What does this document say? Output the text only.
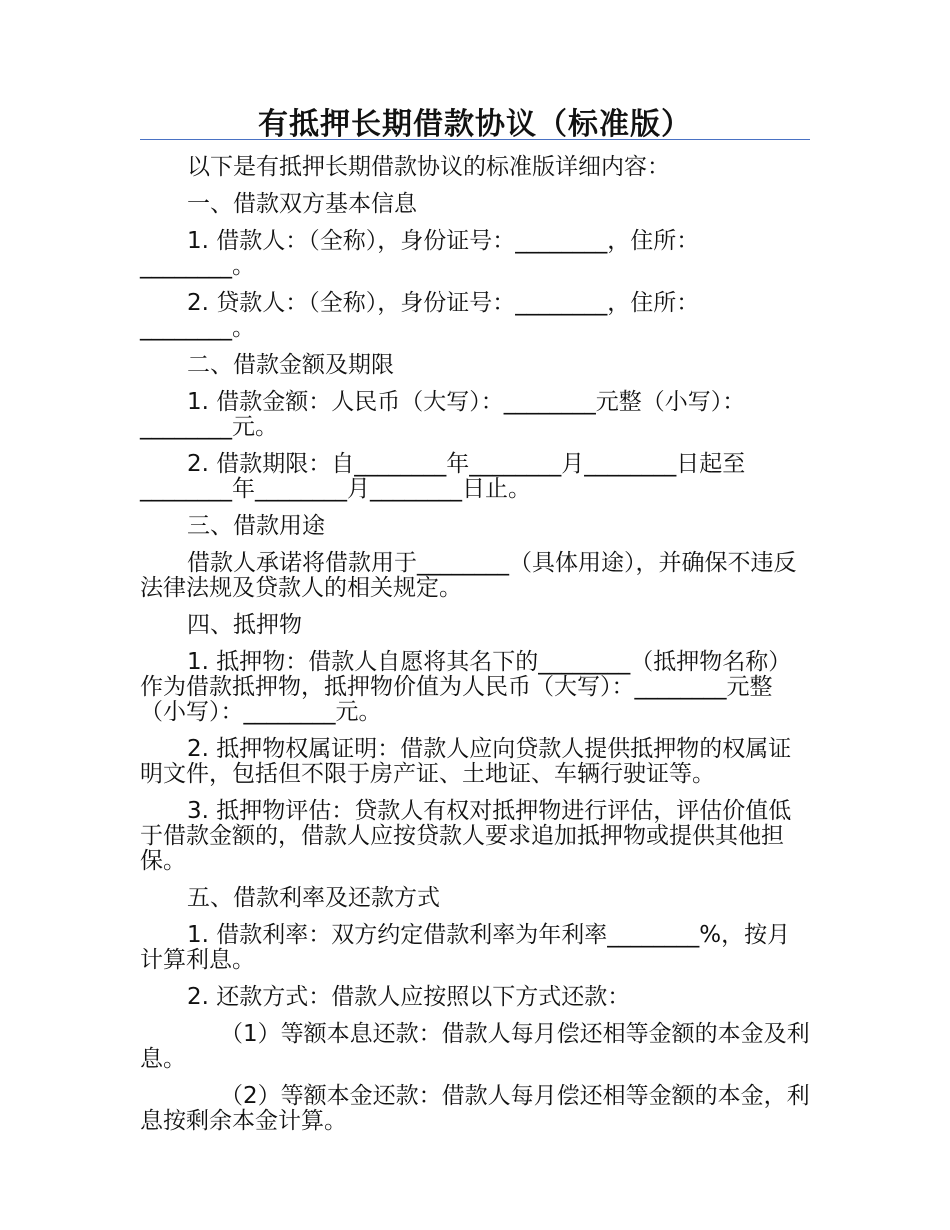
有抵押长期借款协议（标准版）

以下是有抵押长期借款协议的标准版详细内容：

一、借款双方基本信息

1. 借款人：（全称），身份证号：________，住所：________。

2. 贷款人：（全称），身份证号：________，住所：________。

二、借款金额及期限

1. 借款金额：人民币（大写）：________元整（小写）：________元。

2. 借款期限：自________年________月________日起至________年________月________日止。

三、借款用途

借款人承诺将借款用于________（具体用途），并确保不违反法律法规及贷款人的相关规定。

四、抵押物

1. 抵押物：借款人自愿将其名下的________（抵押物名称）作为借款抵押物，抵押物价值为人民币（大写）：________元整（小写）：________元。

2. 抵押物权属证明：借款人应向贷款人提供抵押物的权属证明文件，包括但不限于房产证、土地证、车辆行驶证等。

3. 抵押物评估：贷款人有权对抵押物进行评估，评估价值低于借款金额的，借款人应按贷款人要求追加抵押物或提供其他担保。

五、借款利率及还款方式

1. 借款利率：双方约定借款利率为年利率________%，按月计算利息。

2. 还款方式：借款人应按照以下方式还款：

（1）等额本息还款：借款人每月偿还相等金额的本金及利息。

（2）等额本金还款：借款人每月偿还相等金额的本金，利息按剩余本金计算。
